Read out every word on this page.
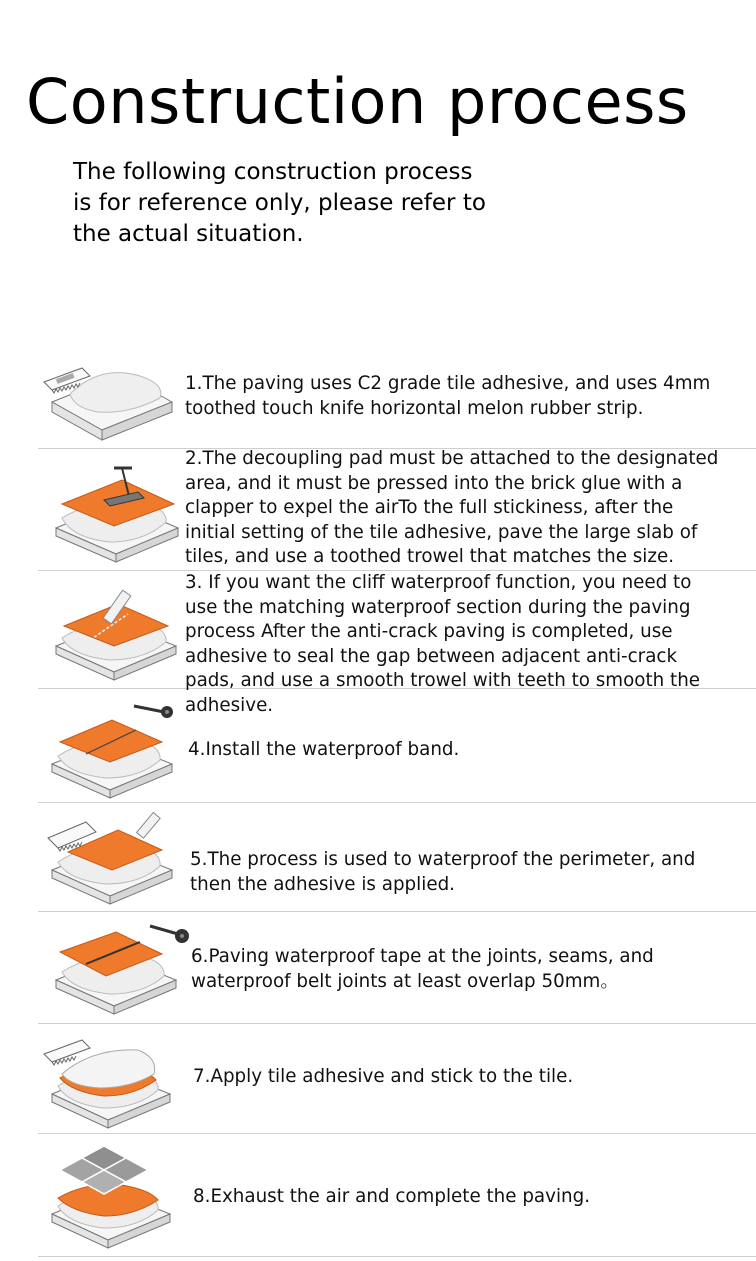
Construction process

The following construction process
is for reference only, please refer to
the actual situation.

1.The paving uses C2 grade tile adhesive, and uses 4mm
toothed touch knife horizontal melon rubber strip.

2.The decoupling pad must be attached to the designated
area, and it must be pressed into the brick glue with a
clapper to expel the airTo the full stickiness, after the
initial setting of the tile adhesive, pave the large slab of
tiles, and use a toothed trowel that matches the size.

3. If you want the cliff waterproof function, you need to
use the matching waterproof section during the paving
process After the anti-crack paving is completed, use
adhesive to seal the gap between adjacent anti-crack
pads, and use a smooth trowel with teeth to smooth the
adhesive.

4.Install the waterproof band.

5.The process is used to waterproof the perimeter, and
then the adhesive is applied.

6.Paving waterproof tape at the joints, seams, and
waterproof belt joints at least overlap 50mm。

7.Apply tile adhesive and stick to the tile.

8.Exhaust the air and complete the paving.
